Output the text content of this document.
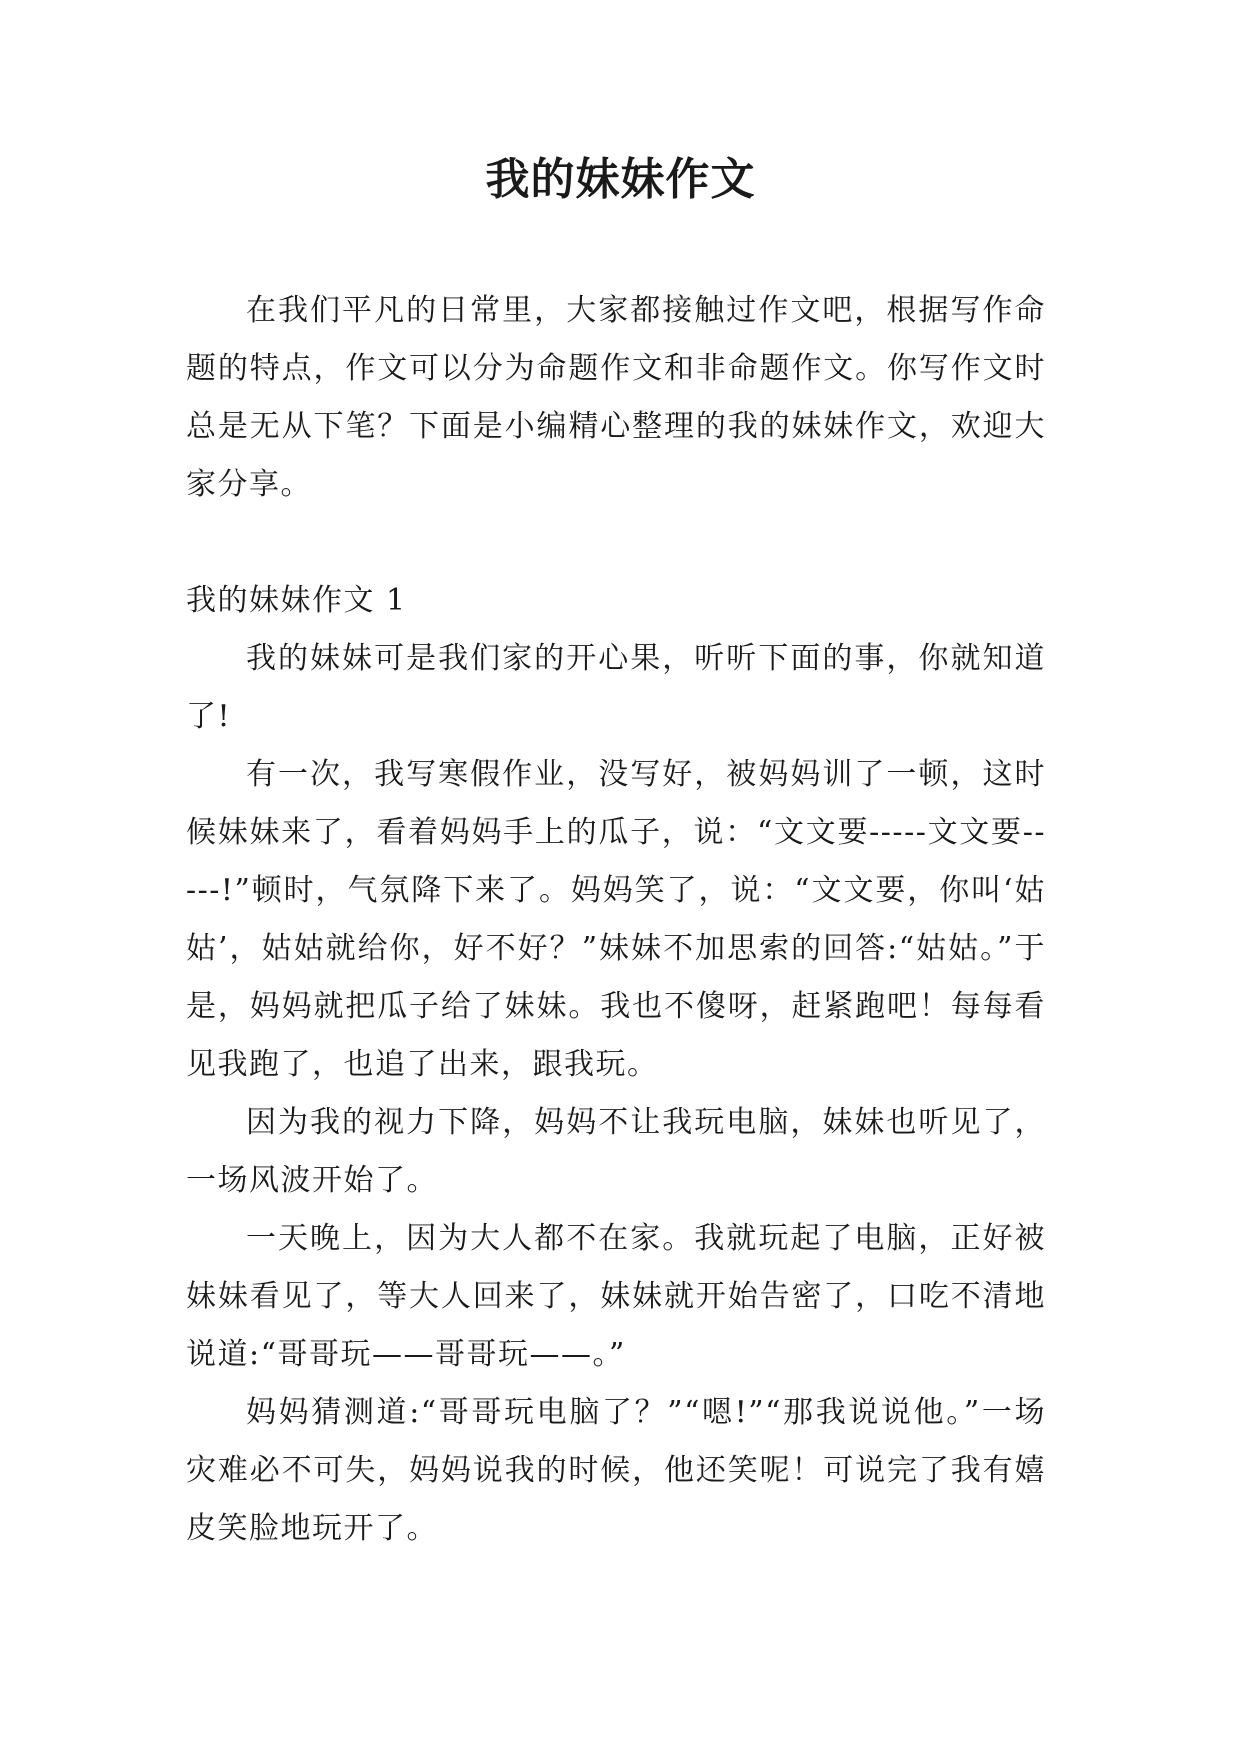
我的妹妹作文

在我们平凡的日常里，大家都接触过作文吧，根据写作命题的特点，作文可以分为命题作文和非命题作文。你写作文时总是无从下笔？下面是小编精心整理的我的妹妹作文，欢迎大家分享。

我的妹妹作文 1

我的妹妹可是我们家的开心果，听听下面的事，你就知道了!

有一次，我写寒假作业，没写好，被妈妈训了一顿，这时候妹妹来了，看着妈妈手上的瓜子，说：“文文要-----文文要-----!”顿时，气氛降下来了。妈妈笑了，说：“文文要，你叫‘姑姑’，姑姑就给你，好不好？”妹妹不加思索的回答:“姑姑。”于是，妈妈就把瓜子给了妹妹。我也不傻呀，赶紧跑吧！每每看见我跑了，也追了出来，跟我玩。

因为我的视力下降，妈妈不让我玩电脑，妹妹也听见了，一场风波开始了。

一天晚上，因为大人都不在家。我就玩起了电脑，正好被妹妹看见了，等大人回来了，妹妹就开始告密了，口吃不清地说道:“哥哥玩——哥哥玩——。”

妈妈猜测道:“哥哥玩电脑了？”“嗯!”“那我说说他。”一场灾难必不可失，妈妈说我的时候，他还笑呢！可说完了我有嬉皮笑脸地玩开了。
